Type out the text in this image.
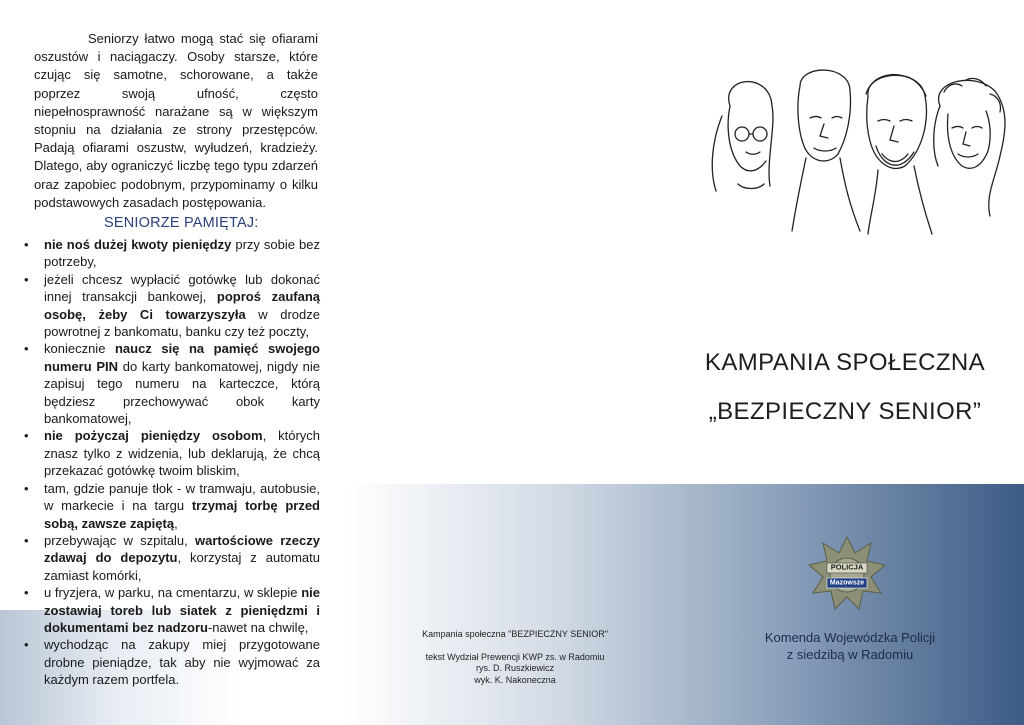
Seniorzy łatwo mogą stać się ofiarami oszustów i naciągaczy. Osoby starsze, które czując się samotne, schorowane, a także poprzez swoją ufność, często niepełnosprawność narażane są w większym stopniu na działania ze strony przestępców. Padają ofiarami oszustw, wyłudzeń, kradzieży. Dlatego, aby ograniczyć liczbę tego typu zdarzeń oraz zapobiec podobnym, przypominamy o kilku podstawowych zasadach postępowania.

SENIORZE PAMIĘTAJ:
• nie noś dużej kwoty pieniędzy przy sobie bez potrzeby,
• jeżeli chcesz wypłacić gotówkę lub dokonać innej transakcji bankowej, poproś zaufaną osobę, żeby Ci towarzyszyła w drodze powrotnej z bankomatu, banku czy też poczty,
• koniecznie naucz się na pamięć swojego numeru PIN do karty bankomatowej, nigdy nie zapisuj tego numeru na karteczce, którą będziesz przechowywać obok karty bankomatowej,
• nie pożyczaj pieniędzy osobom, których znasz tylko z widzenia, lub deklarują, że chcą przekazać gotówkę twoim bliskim,
• tam, gdzie panuje tłok - w tramwaju, autobusie, w markecie i na targu trzymaj torbę przed sobą, zawsze zapiętą,
• przebywając w szpitalu, wartościowe rzeczy zdawaj do depozytu, korzystaj z automatu zamiast komórki,
• u fryzjera, w parku, na cmentarzu, w sklepie nie zostawiaj toreb lub siatek z pieniędzmi i dokumentami bez nadzoru-nawet na chwilę,
• wychodząc na zakupy miej przygotowane drobne pieniądze, tak aby nie wyjmować za każdym razem portfela.
KAMPANIA SPOŁECZNA
„BEZPIECZNY SENIOR”
POLICJA
Mazowsze
Komenda Wojewódzka Policji
z siedzibą w Radomiu
Kampania społeczna "BEZPIECZNY SENIOR"
tekst Wydział Prewencji KWP zs. w Radomiu
rys. D. Ruszkiewicz
wyk. K. Nakoneczna
